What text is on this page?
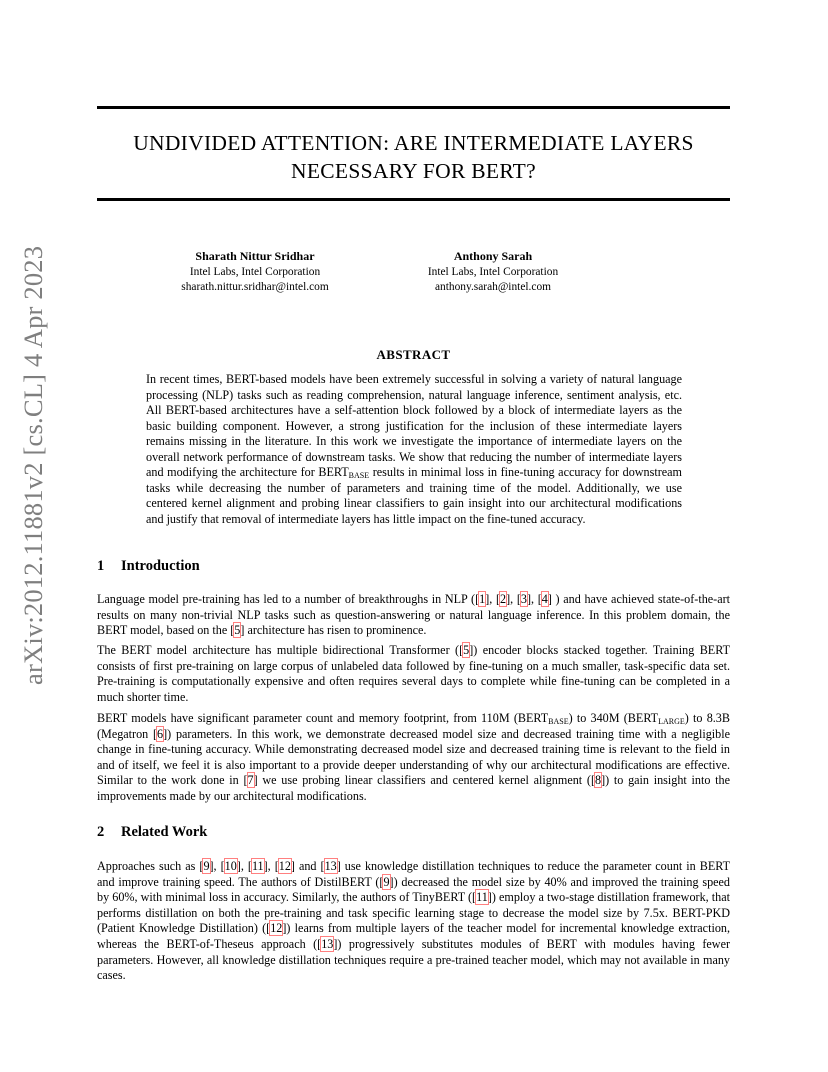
arXiv:2012.11881v2 [cs.CL] 4 Apr 2023
UNDIVIDED ATTENTION: ARE INTERMEDIATE LAYERS
NECESSARY FOR BERT?
Sharath Nittur Sridhar
Intel Labs, Intel Corporation
sharath.nittur.sridhar@intel.com
Anthony Sarah
Intel Labs, Intel Corporation
anthony.sarah@intel.com
ABSTRACT
In recent times, BERT-based models have been extremely successful in solving a variety of natural language processing (NLP) tasks such as reading comprehension, natural language inference, sentiment analysis, etc. All BERT-based architectures have a self-attention block followed by a block of intermediate layers as the basic building component. However, a strong justification for the inclusion of these intermediate layers remains missing in the literature. In this work we investigate the importance of intermediate layers on the overall network performance of downstream tasks. We show that reducing the number of intermediate layers and modifying the architecture for $BERT_{BASE}$ results in minimal loss in fine-tuning accuracy for downstream tasks while decreasing the number of parameters and training time of the model. Additionally, we use centered kernel alignment and probing linear classifiers to gain insight into our architectural modifications and justify that removal of intermediate layers has little impact on the fine-tuned accuracy.
1 Introduction
Language model pre-training has led to a number of breakthroughs in NLP ([1], [2], [3], [4] ) and have achieved state-of-the-art results on many non-trivial NLP tasks such as question-answering or natural language inference. In this problem domain, the BERT model, based on the [5] architecture has risen to prominence.
The BERT model architecture has multiple bidirectional Transformer ([5]) encoder blocks stacked together. Training BERT consists of first pre-training on large corpus of unlabeled data followed by fine-tuning on a much smaller, task-specific data set. Pre-training is computationally expensive and often requires several days to complete while fine-tuning can be completed in a much shorter time.
BERT models have significant parameter count and memory footprint, from 110M $(BERT_{BASE})$ to 340M $(BERT_{LARGE})$ to 8.3B (Megatron [6]) parameters. In this work, we demonstrate decreased model size and decreased training time with a negligible change in fine-tuning accuracy. While demonstrating decreased model size and decreased training time is relevant to the field in and of itself, we feel it is also important to a provide deeper understanding of why our architectural modifications are effective. Similar to the work done in [7] we use probing linear classifiers and centered kernel alignment ([8]) to gain insight into the improvements made by our architectural modifications.
2 Related Work
Approaches such as [9], [10], [11], [12] and [13] use knowledge distillation techniques to reduce the parameter count in BERT and improve training speed. The authors of DistilBERT ([9]) decreased the model size by 40% and improved the training speed by 60%, with minimal loss in accuracy. Similarly, the authors of TinyBERT ([11]) employ a two-stage distillation framework, that performs distillation on both the pre-training and task specific learning stage to decrease the model size by 7.5x. BERT-PKD (Patient Knowledge Distillation) ([12]) learns from multiple layers of the teacher model for incremental knowledge extraction, whereas the BERT-of-Theseus approach ([13]) progressively substitutes modules of BERT with modules having fewer parameters. However, all knowledge distillation techniques require a pre-trained teacher model, which may not available in many cases.
